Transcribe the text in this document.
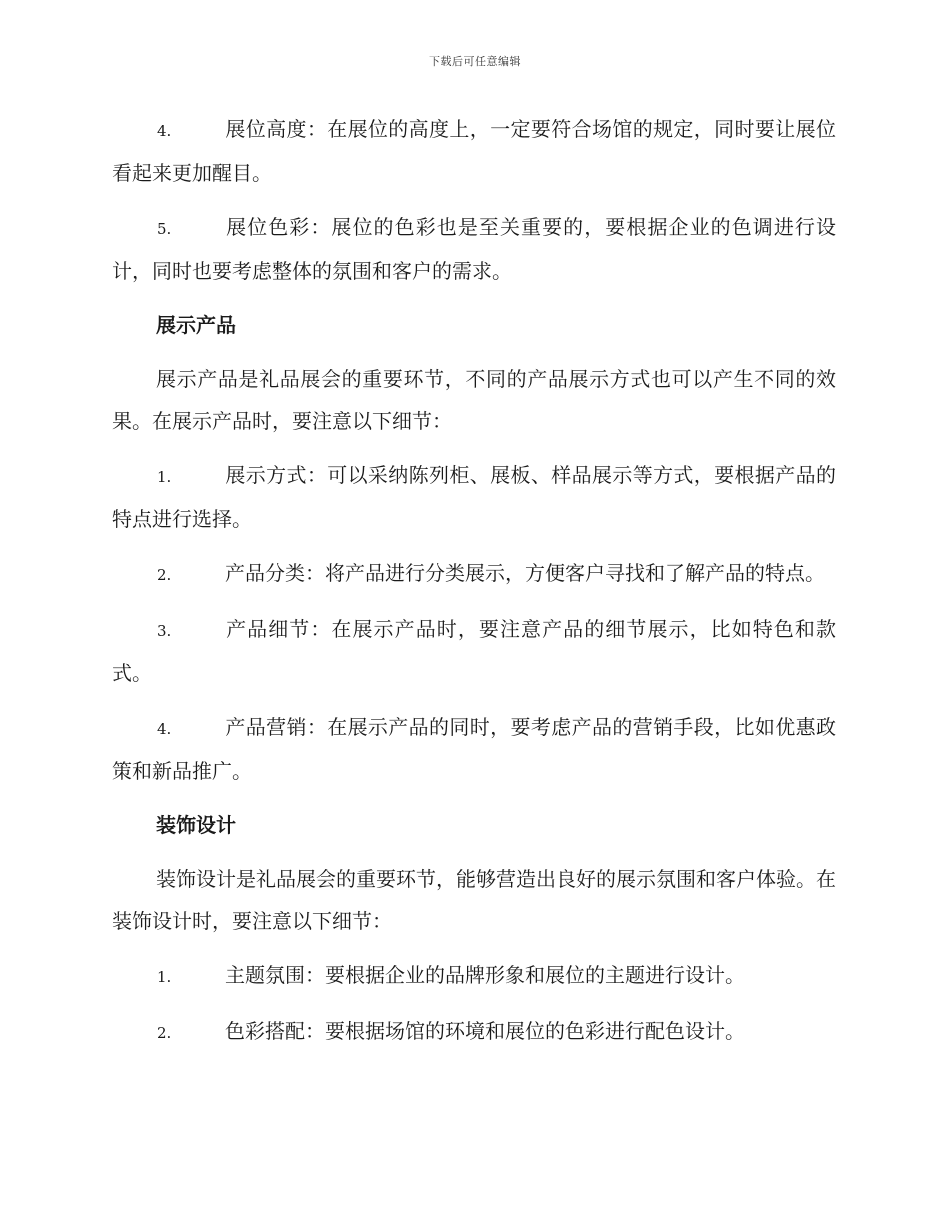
下载后可任意编辑
4.	展位高度：在展位的高度上，一定要符合场馆的规定，同时要让展位看起来更加醒目。
5.	展位色彩：展位的色彩也是至关重要的，要根据企业的色调进行设计，同时也要考虑整体的氛围和客户的需求。
展示产品
展示产品是礼品展会的重要环节，不同的产品展示方式也可以产生不同的效果。在展示产品时，要注意以下细节：
1.	展示方式：可以采纳陈列柜、展板、样品展示等方式，要根据产品的特点进行选择。
2.	产品分类：将产品进行分类展示，方便客户寻找和了解产品的特点。
3.	产品细节：在展示产品时，要注意产品的细节展示，比如特色和款式。
4.	产品营销：在展示产品的同时，要考虑产品的营销手段，比如优惠政策和新品推广。
装饰设计
装饰设计是礼品展会的重要环节，能够营造出良好的展示氛围和客户体验。在装饰设计时，要注意以下细节：
1.	主题氛围：要根据企业的品牌形象和展位的主题进行设计。
2.	色彩搭配：要根据场馆的环境和展位的色彩进行配色设计。
